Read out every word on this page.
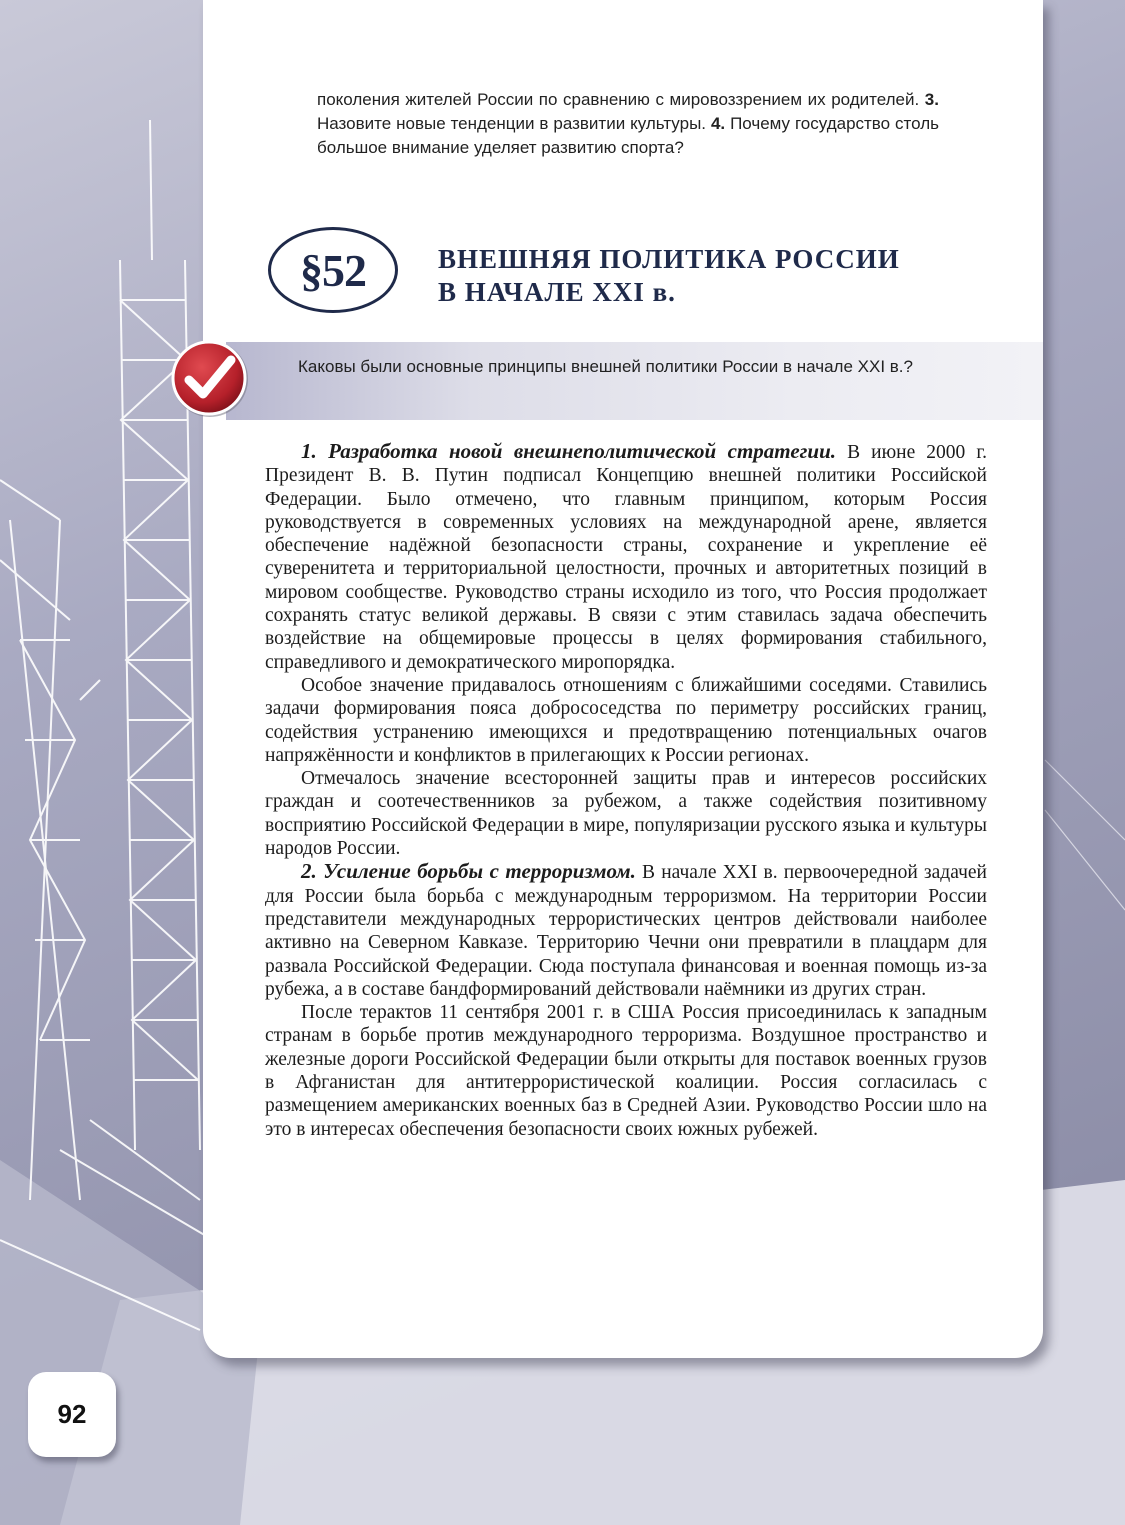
поколения жителей России по сравнению с мировоззрением их родителей. 3. Назовите новые тенденции в развитии культуры. 4. Почему государство столь большое внимание уделяет развитию спорта?
§52	ВНЕШНЯЯ ПОЛИТИКА РОССИИ
В НАЧАЛЕ XXI в.
Каковы были основные принципы внешней политики России в начале XXI в.?

1. Разработка новой внешнеполитической стратегии. В июне 2000 г. Президент В. В. Путин подписал Концепцию внешней политики Российской Федерации. Было отмечено, что главным принципом, которым Россия руководствуется в современных условиях на международной арене, является обеспечение надёжной безопасности страны, сохранение и укрепление её суверенитета и территориальной целостности, прочных и авторитетных позиций в мировом сообществе. Руководство страны исходило из того, что Россия продолжает сохранять статус великой державы. В связи с этим ставилась задача обеспечить воздействие на общемировые процессы в целях формирования стабильного, справедливого и демократического миропорядка.

Особое значение придавалось отношениям с ближайшими соседями. Ставились задачи формирования пояса добрососедства по периметру российских границ, содействия устранению имеющихся и предотвращению потенциальных очагов напряжённости и конфликтов в прилегающих к России регионах.

Отмечалось значение всесторонней защиты прав и интересов российских граждан и соотечественников за рубежом, а также содействия позитивному восприятию Российской Федерации в мире, популяризации русского языка и культуры народов России.

2. Усиление борьбы с терроризмом. В начале XXI в. первоочередной задачей для России была борьба с международным терроризмом. На территории России представители международных террористических центров действовали наиболее активно на Северном Кавказе. Территорию Чечни они превратили в плацдарм для развала Российской Федерации. Сюда поступала финансовая и военная помощь из-за рубежа, а в составе бандформирований действовали наёмники из других стран.

После терактов 11 сентября 2001 г. в США Россия присоединилась к западным странам в борьбе против международного терроризма. Воздушное пространство и железные дороги Российской Федерации были открыты для поставок военных грузов в Афганистан для антитеррористической коалиции. Россия согласилась с размещением американских военных баз в Средней Азии. Руководство России шло на это в интересах обеспечения безопасности своих южных рубежей.

92
